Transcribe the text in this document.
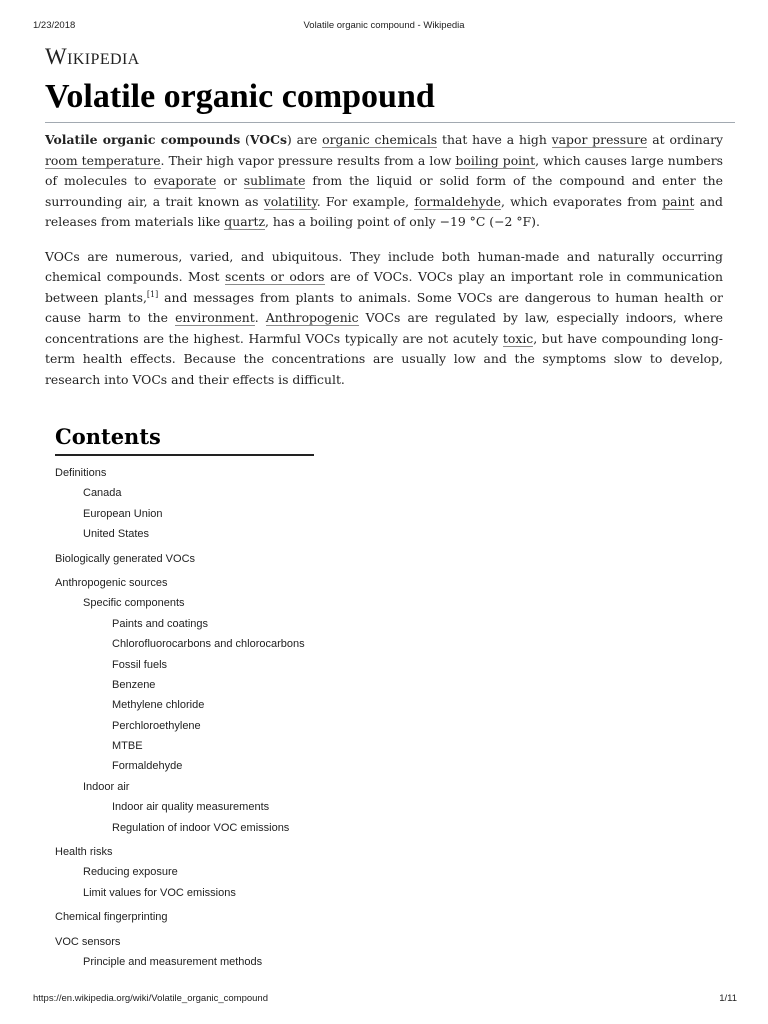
1/23/2018	Volatile organic compound - Wikipedia
Wikipedia
Volatile organic compound

Volatile organic compounds (VOCs) are organic chemicals that have a high vapor pressure at ordinary room temperature. Their high vapor pressure results from a low boiling point, which causes large numbers of molecules to evaporate or sublimate from the liquid or solid form of the compound and enter the surrounding air, a trait known as volatility. For example, formaldehyde, which evaporates from paint and releases from materials like quartz, has a boiling point of only −19 °C (−2 °F).

VOCs are numerous, varied, and ubiquitous. They include both human-made and naturally occurring chemical compounds. Most scents or odors are of VOCs. VOCs play an important role in communication between plants,[1] and messages from plants to animals. Some VOCs are dangerous to human health or cause harm to the environment. Anthropogenic VOCs are regulated by law, especially indoors, where concentrations are the highest. Harmful VOCs typically are not acutely toxic, but have compounding long-term health effects. Because the concentrations are usually low and the symptoms slow to develop, research into VOCs and their effects is difficult.

Contents
Definitions
Canada
European Union
United States
Biologically generated VOCs
Anthropogenic sources
Specific components
Paints and coatings
Chlorofluorocarbons and chlorocarbons
Fossil fuels
Benzene
Methylene chloride
Perchloroethylene
MTBE
Formaldehyde
Indoor air
Indoor air quality measurements
Regulation of indoor VOC emissions
Health risks
Reducing exposure
Limit values for VOC emissions
Chemical fingerprinting
VOC sensors
Principle and measurement methods
https://en.wikipedia.org/wiki/Volatile_organic_compound	1/11
